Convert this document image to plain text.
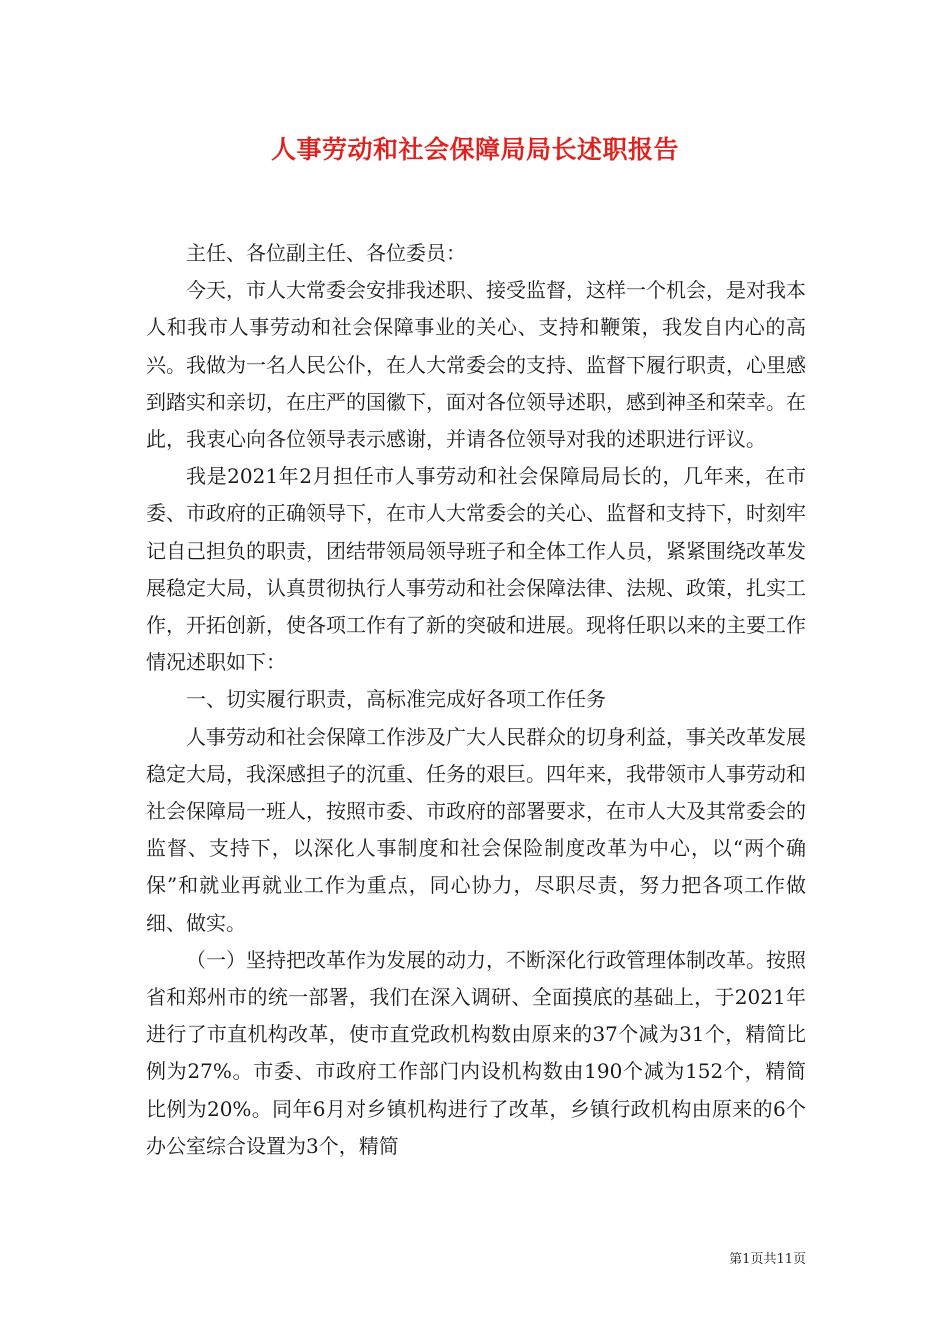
人事劳动和社会保障局局长述职报告

主任、各位副主任、各位委员：

今天，市人大常委会安排我述职、接受监督，这样一个机会，是对我本人和我市人事劳动和社会保障事业的关心、支持和鞭策，我发自内心的高兴。我做为一名人民公仆，在人大常委会的支持、监督下履行职责，心里感到踏实和亲切，在庄严的国徽下，面对各位领导述职，感到神圣和荣幸。在此，我衷心向各位领导表示感谢，并请各位领导对我的述职进行评议。

我是2021年2月担任市人事劳动和社会保障局局长的，几年来，在市委、市政府的正确领导下，在市人大常委会的关心、监督和支持下，时刻牢记自己担负的职责，团结带领局领导班子和全体工作人员，紧紧围绕改革发展稳定大局，认真贯彻执行人事劳动和社会保障法律、法规、政策，扎实工作，开拓创新，使各项工作有了新的突破和进展。现将任职以来的主要工作情况述职如下：

一、切实履行职责，高标准完成好各项工作任务

人事劳动和社会保障工作涉及广大人民群众的切身利益，事关改革发展稳定大局，我深感担子的沉重、任务的艰巨。四年来，我带领市人事劳动和社会保障局一班人，按照市委、市政府的部署要求，在市人大及其常委会的监督、支持下，以深化人事制度和社会保险制度改革为中心，以“两个确保”和就业再就业工作为重点，同心协力，尽职尽责，努力把各项工作做细、做实。

（一）坚持把改革作为发展的动力，不断深化行政管理体制改革。按照省和郑州市的统一部署，我们在深入调研、全面摸底的基础上，于2021年进行了市直机构改革，使市直党政机构数由原来的37个减为31个，精简比例为27%。市委、市政府工作部门内设机构数由190个减为152个，精简比例为20%。同年6月对乡镇机构进行了改革，乡镇行政机构由原来的6个办公室综合设置为3个，精简

第1页共11页
